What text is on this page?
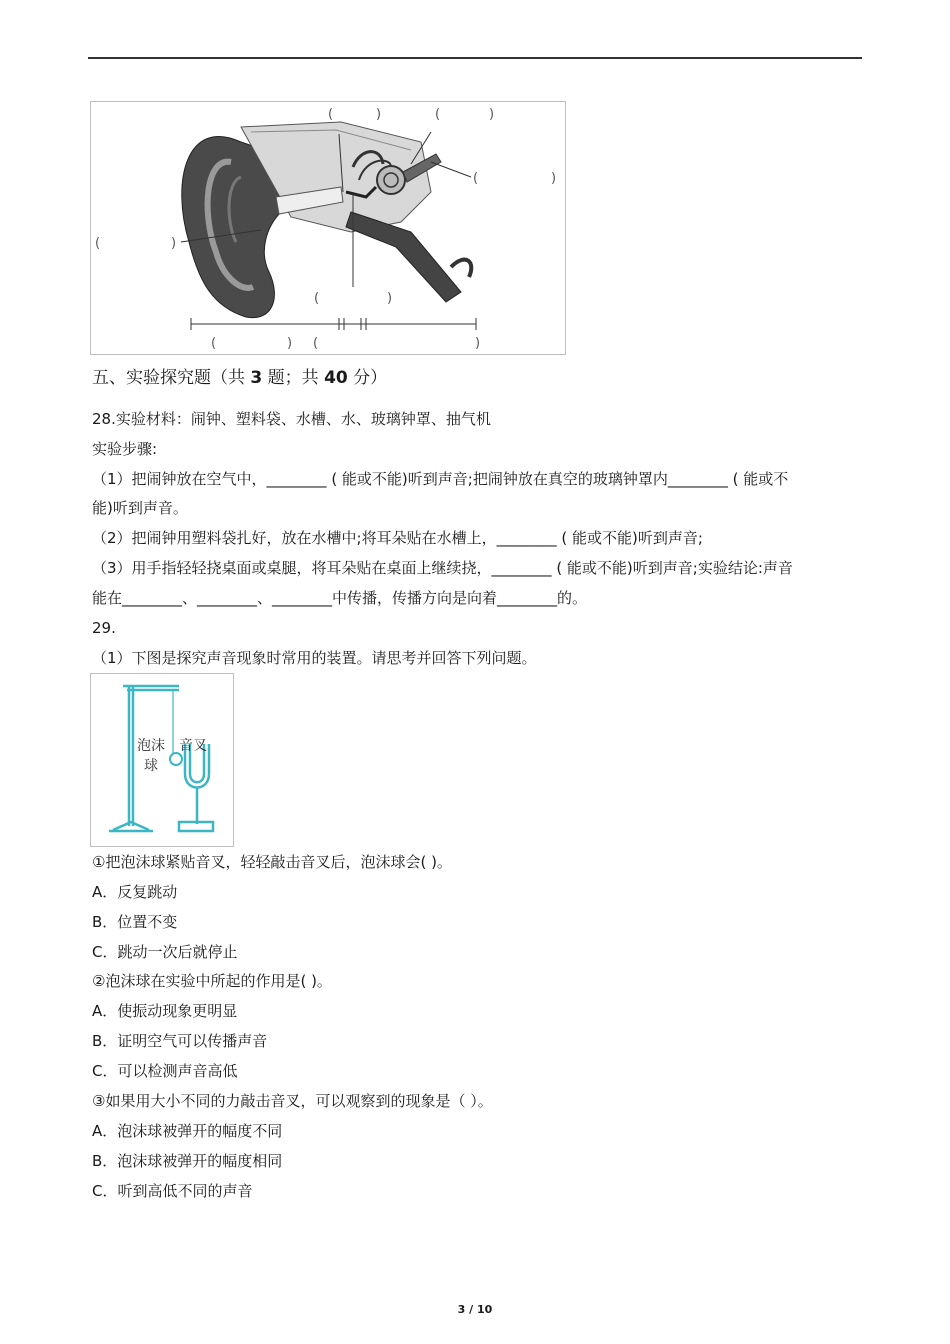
(	)	(	)
(	)
(	)
(	)
(	) (	)
五、实验探究题（共 3 题；共 40 分）
28.实验材料：闹钟、塑料袋、水槽、水、玻璃钟罩、抽气机
实验步骤:
（1）把闹钟放在空气中，________ ( 能或不能)听到声音;把闹钟放在真空的玻璃钟罩内________ ( 能或不
能)听到声音。
（2）把闹钟用塑料袋扎好，放在水槽中;将耳朵贴在水槽上，________ ( 能或不能)听到声音;
（3）用手指轻轻挠桌面或桌腿，将耳朵贴在桌面上继续挠，________ ( 能或不能)听到声音;实验结论:声音
能在________、________、________中传播，传播方向是向着________的。
29.
（1）下图是探究声音现象时常用的装置。请思考并回答下列问题。
泡沫
球
音叉
①把泡沫球紧贴音叉，轻轻敲击音叉后，泡沫球会( )。
A．反复跳动
B．位置不变
C．跳动一次后就停止
②泡沫球在实验中所起的作用是( )。
A．使振动现象更明显
B．证明空气可以传播声音
C．可以检测声音高低
③如果用大小不同的力敲击音叉，可以观察到的现象是（ ）。
A．泡沫球被弹开的幅度不同
B．泡沫球被弹开的幅度相同
C．听到高低不同的声音
3 / 10
